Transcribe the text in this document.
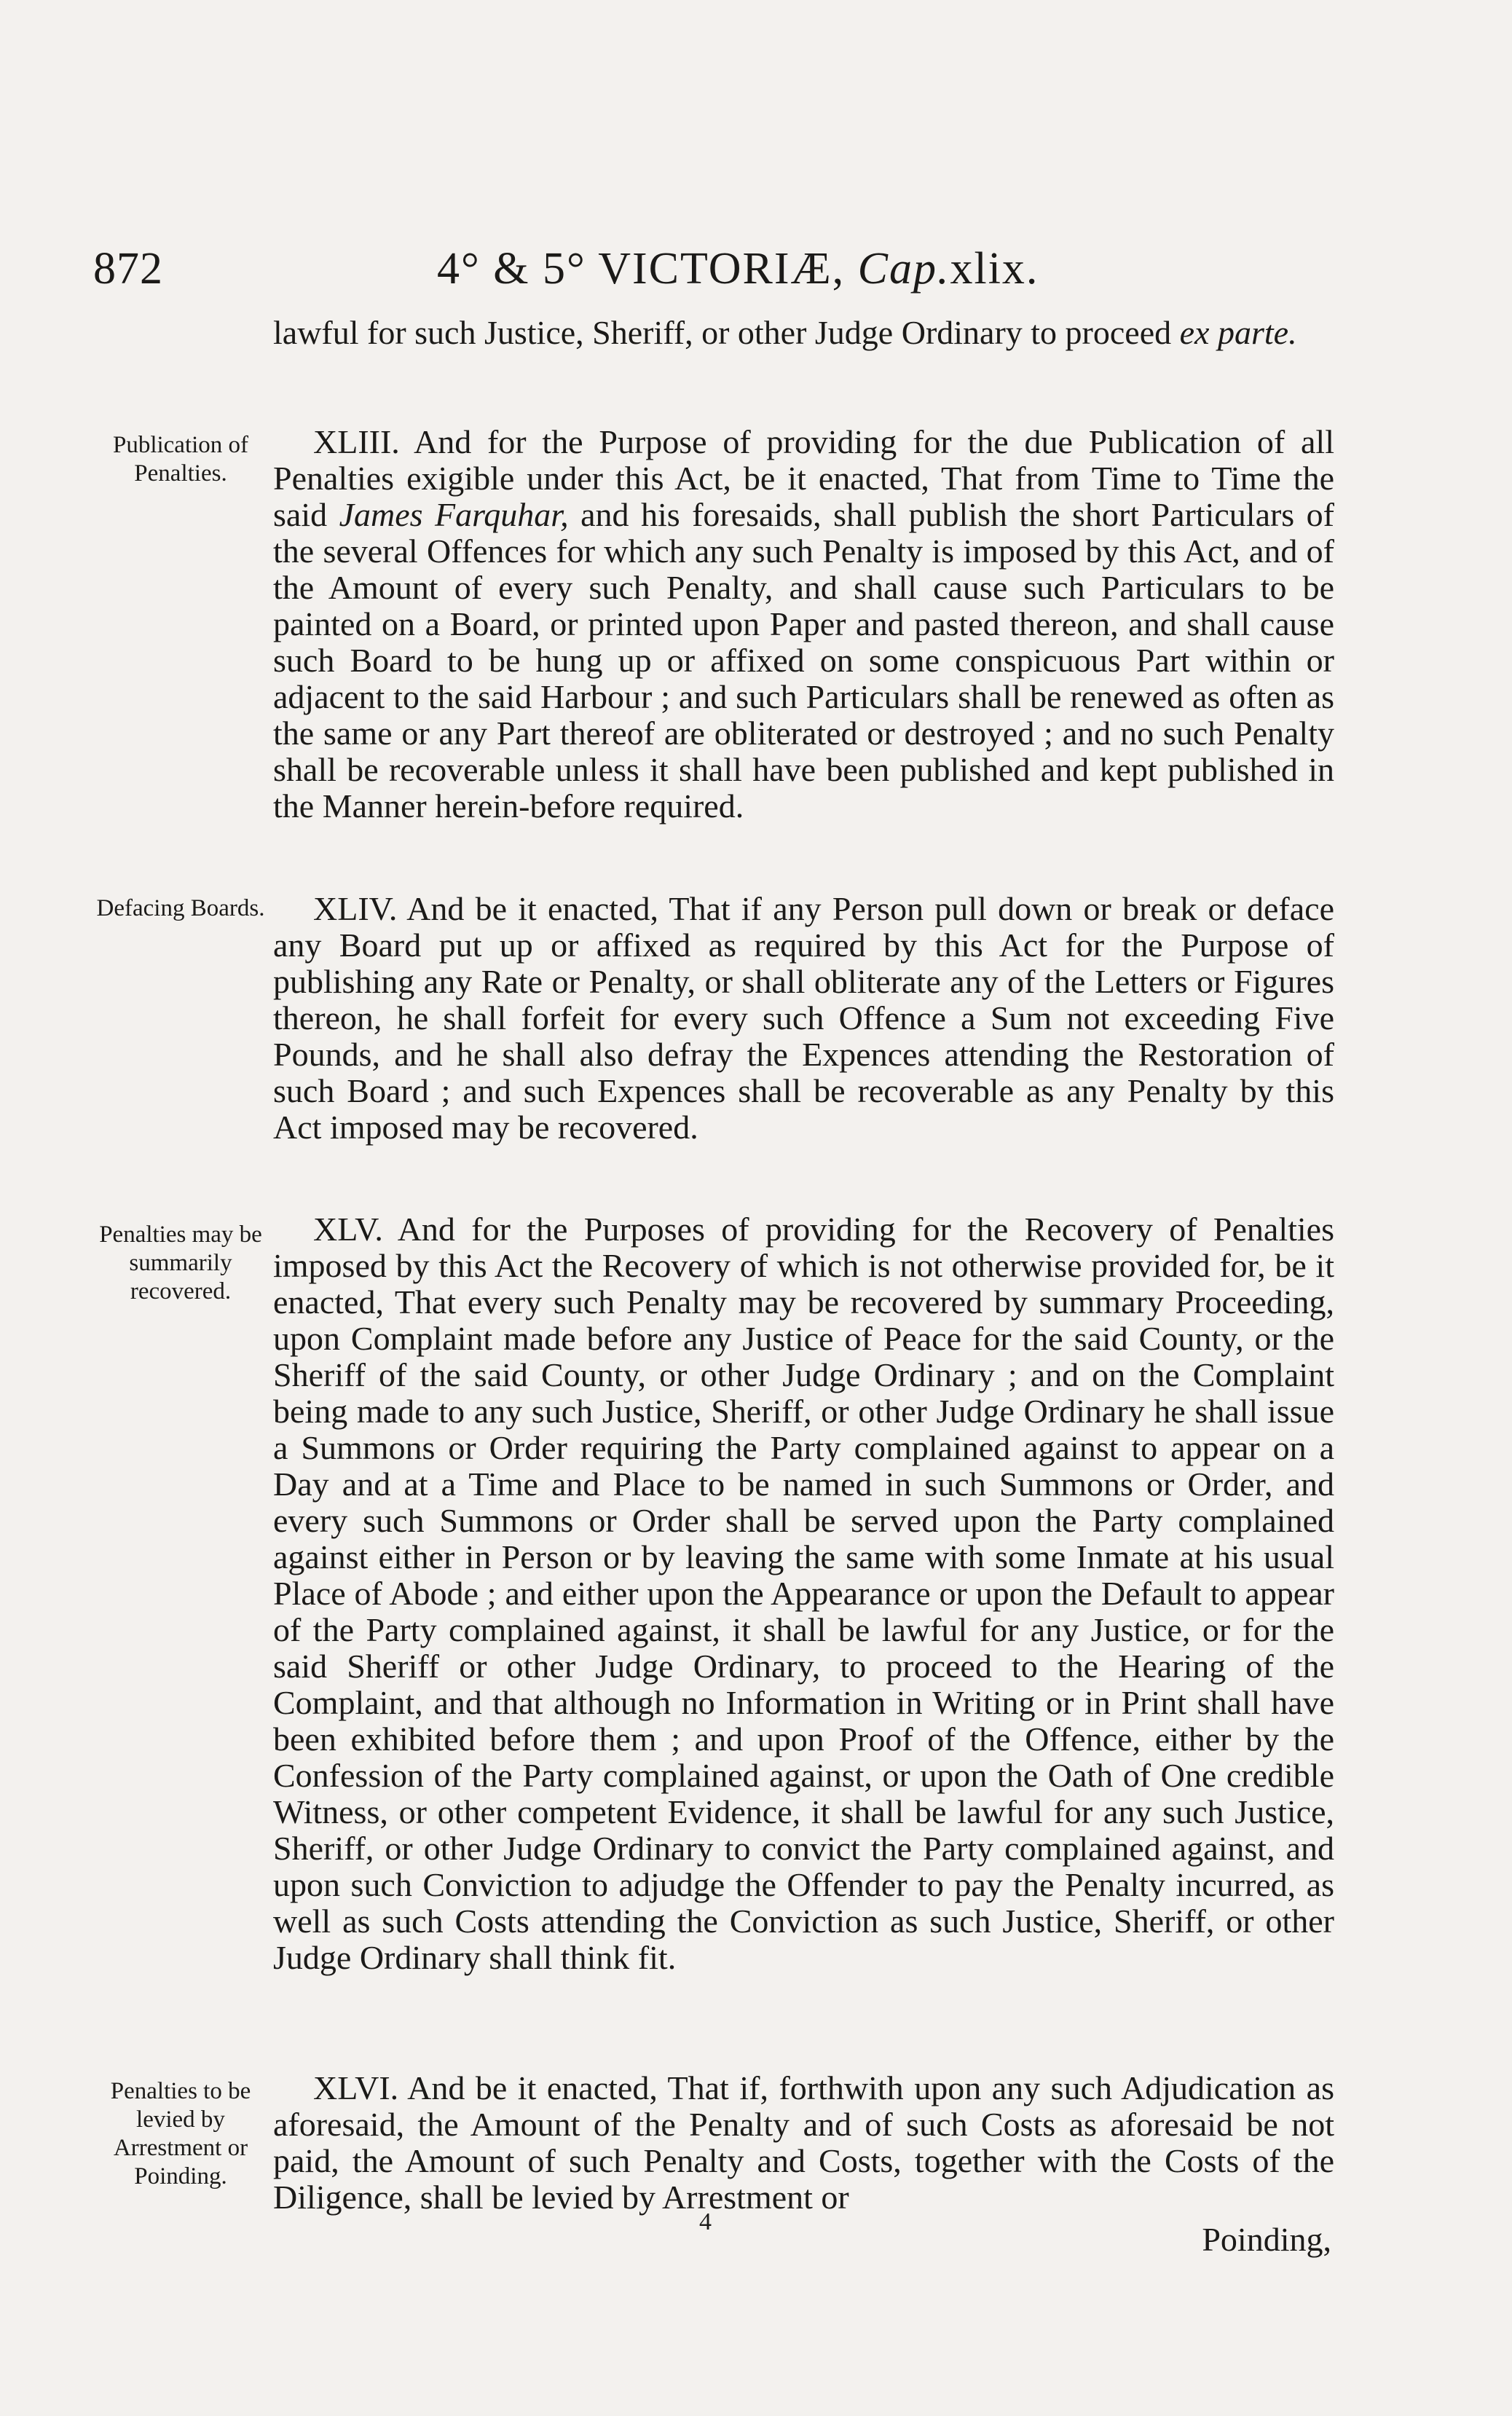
872	4° & 5° VICTORIÆ, Cap.xlix.
lawful for such Justice, Sheriff, or other Judge Ordinary to proceed ex parte.
Publication of Penalties.
XLIII. And for the Purpose of providing for the due Publication of all Penalties exigible under this Act, be it enacted, That from Time to Time the said James Farquhar, and his foresaids, shall publish the short Particulars of the several Offences for which any such Penalty is imposed by this Act, and of the Amount of every such Penalty, and shall cause such Particulars to be painted on a Board, or printed upon Paper and pasted thereon, and shall cause such Board to be hung up or affixed on some conspicuous Part within or adjacent to the said Harbour ; and such Particulars shall be renewed as often as the same or any Part thereof are obliterated or destroyed ; and no such Penalty shall be recoverable unless it shall have been published and kept published in the Manner herein-before required.
Defacing Boards.	XLIV. And be it enacted, That if any Person pull down or break or deface any Board put up or affixed as required by this Act for the Purpose of publishing any Rate or Penalty, or shall obliterate any of the Letters or Figures thereon, he shall forfeit for every such Offence a Sum not exceeding Five Pounds, and he shall also defray the Expences attending the Restoration of such Board ; and such Expences shall be recoverable as any Penalty by this Act imposed may be recovered.
Penalties may be summarily recovered.
XLV. And for the Purposes of providing for the Recovery of Penalties imposed by this Act the Recovery of which is not otherwise provided for, be it enacted, That every such Penalty may be recovered by summary Proceeding, upon Complaint made before any Justice of Peace for the said County, or the Sheriff of the said County, or other Judge Ordinary ; and on the Complaint being made to any such Justice, Sheriff, or other Judge Ordinary he shall issue a Summons or Order requiring the Party complained against to appear on a Day and at a Time and Place to be named in such Summons or Order, and every such Summons or Order shall be served upon the Party complained against either in Person or by leaving the same with some Inmate at his usual Place of Abode ; and either upon the Appearance or upon the Default to appear of the Party complained against, it shall be lawful for any Justice, or for the said Sheriff or other Judge Ordinary, to proceed to the Hearing of the Complaint, and that although no Information in Writing or in Print shall have been exhibited before them ; and upon Proof of the Offence, either by the Confession of the Party complained against, or upon the Oath of One credible Witness, or other competent Evidence, it shall be lawful for any such Justice, Sheriff, or other Judge Ordinary to convict the Party complained against, and upon such Conviction to adjudge the Offender to pay the Penalty incurred, as well as such Costs attending the Conviction as such Justice, Sheriff, or other Judge Ordinary shall think fit.
Penalties to be levied by Arrestment or Poinding.
XLVI. And be it enacted, That if, forthwith upon any such Adjudication as aforesaid, the Amount of the Penalty and of such Costs as aforesaid be not paid, the Amount of such Penalty and Costs, together with the Costs of the Diligence, shall be levied by Arrestment or
4	Poinding,
